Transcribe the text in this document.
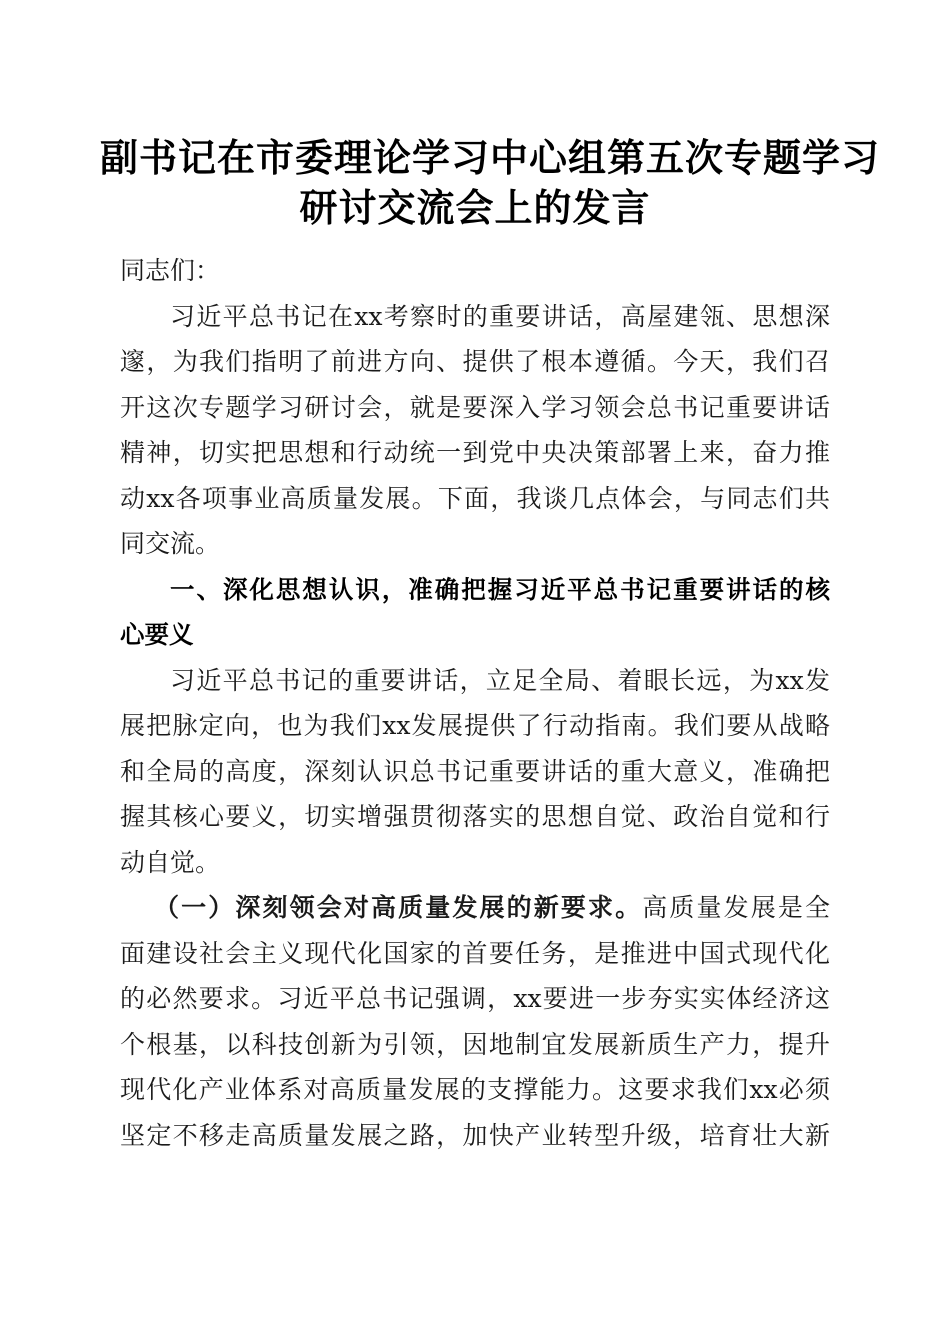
副书记在市委理论学习中心组第五次专题学习
研讨交流会上的发言
同志们：
习近平总书记在xx考察时的重要讲话，高屋建瓴、思想深
邃，为我们指明了前进方向、提供了根本遵循。今天，我们召
开这次专题学习研讨会，就是要深入学习领会总书记重要讲话
精神，切实把思想和行动统一到党中央决策部署上来，奋力推
动xx各项事业高质量发展。下面，我谈几点体会，与同志们共
同交流。
一、深化思想认识，准确把握习近平总书记重要讲话的核
心要义
习近平总书记的重要讲话，立足全局、着眼长远，为xx发
展把脉定向，也为我们xx发展提供了行动指南。我们要从战略
和全局的高度，深刻认识总书记重要讲话的重大意义，准确把
握其核心要义，切实增强贯彻落实的思想自觉、政治自觉和行
动自觉。
（一）深刻领会对高质量发展的新要求。高质量发展是全
面建设社会主义现代化国家的首要任务，是推进中国式现代化
的必然要求。习近平总书记强调，xx要进一步夯实实体经济这
个根基，以科技创新为引领，因地制宜发展新质生产力，提升
现代化产业体系对高质量发展的支撑能力。这要求我们xx必须
坚定不移走高质量发展之路，加快产业转型升级，培育壮大新
